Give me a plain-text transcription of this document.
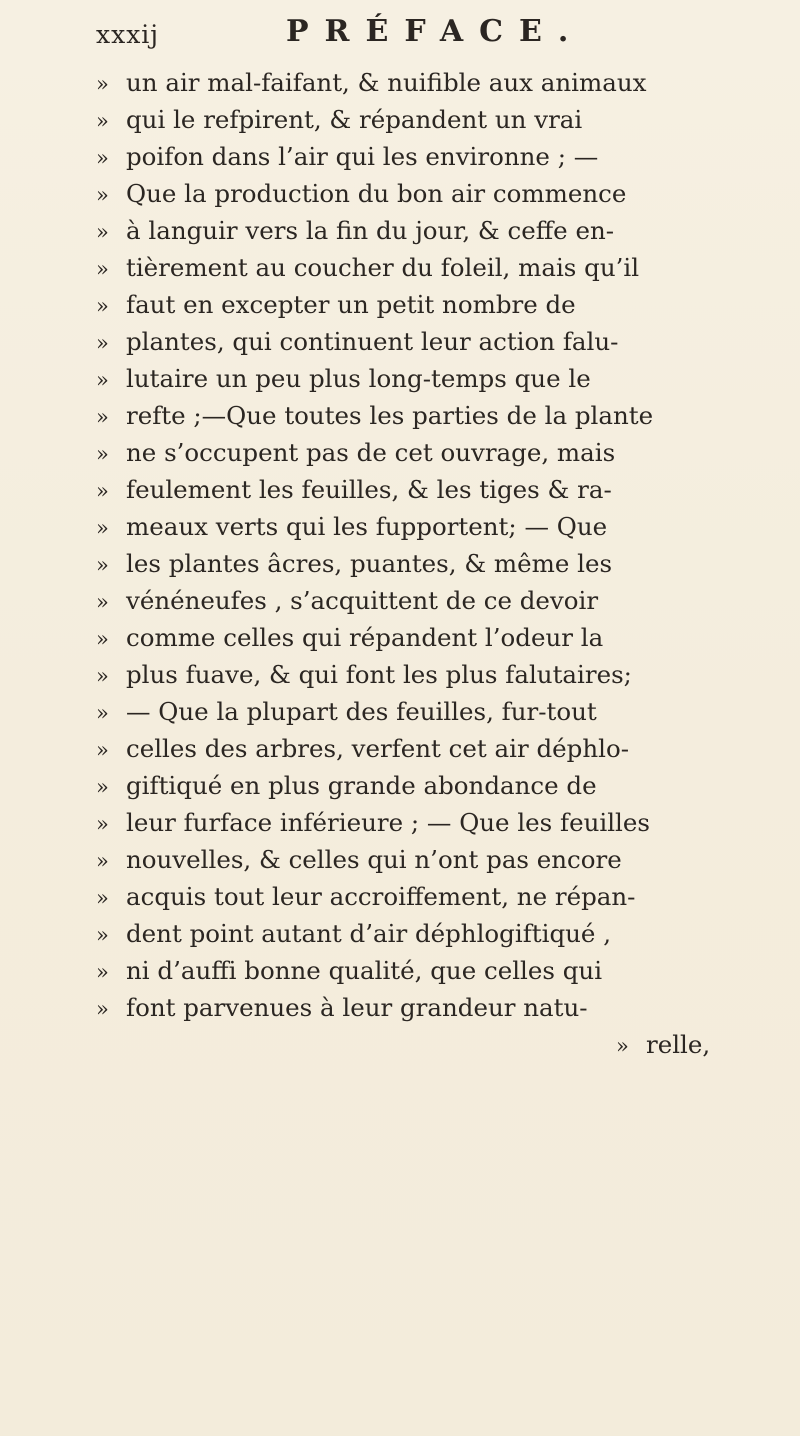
xxxij	PRÉFACE.
» un air mal-faifant, & nuifible aux animaux
» qui le refpirent, & répandent un vrai
» poifon dans l’air qui les environne ; —
» Que la production du bon air commence
» à languir vers la fin du jour, & ceffe en-
» tièrement au coucher du foleil, mais qu’il
» faut en excepter un petit nombre de
» plantes, qui continuent leur action falu-
» lutaire un peu plus long-temps que le
» refte ;—Que toutes les parties de la plante
» ne s’occupent pas de cet ouvrage, mais
» feulement les feuilles, & les tiges & ra-
» meaux verts qui les fupportent; — Que
» les plantes âcres, puantes, & même les
» vénéneufes , s’acquittent de ce devoir
» comme celles qui répandent l’odeur la
» plus fuave, & qui font les plus falutaires;
» — Que la plupart des feuilles, fur-tout
» celles des arbres, verfent cet air déphlo-
» giftiqué en plus grande abondance de
» leur furface inférieure ; — Que les feuilles
» nouvelles, & celles qui n’ont pas encore
» acquis tout leur accroiffement, ne répan-
» dent point autant d’air déphlogiftiqué ,
» ni d’auffi bonne qualité, que celles qui
» font parvenues à leur grandeur natu-
» relle,
